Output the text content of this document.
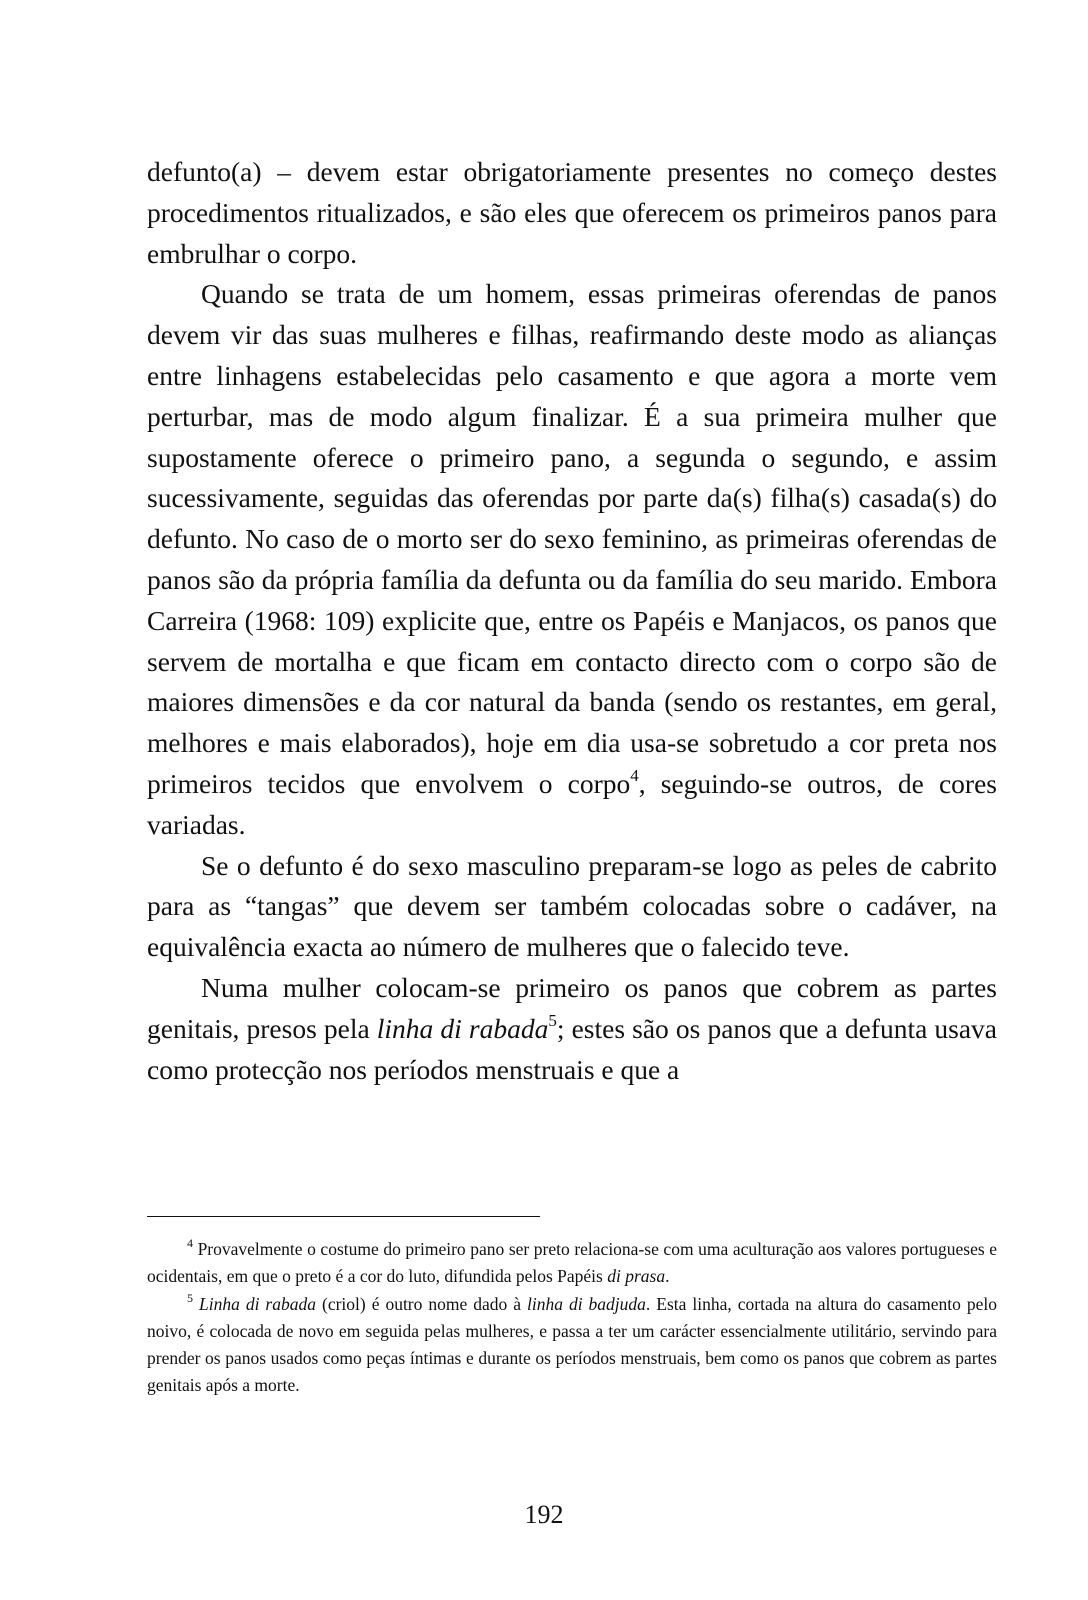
defunto(a) – devem estar obrigatoriamente presentes no começo destes procedimentos ritualizados, e são eles que oferecem os primeiros panos para embrulhar o corpo.

Quando se trata de um homem, essas primeiras oferendas de panos devem vir das suas mulheres e filhas, reafirmando deste modo as alianças entre linhagens estabelecidas pelo casamento e que agora a morte vem perturbar, mas de modo algum finalizar. É a sua primeira mulher que supostamente oferece o primeiro pano, a segunda o segundo, e assim sucessivamente, seguidas das oferendas por parte da(s) filha(s) casada(s) do defunto. No caso de o morto ser do sexo feminino, as primeiras oferendas de panos são da própria família da defunta ou da família do seu marido. Embora Carreira (1968: 109) explicite que, entre os Papéis e Manjacos, os panos que servem de mortalha e que ficam em contacto directo com o corpo são de maiores dimensões e da cor natural da banda (sendo os restantes, em geral, melhores e mais elaborados), hoje em dia usa-se sobretudo a cor preta nos primeiros tecidos que envolvem o corpo$^4$, seguindo-se outros, de cores variadas.

Se o defunto é do sexo masculino preparam-se logo as peles de cabrito para as “tangas” que devem ser também colocadas sobre o cadáver, na equivalência exacta ao número de mulheres que o falecido teve.

Numa mulher colocam-se primeiro os panos que cobrem as partes genitais, presos pela linha di rabada$^5$; estes são os panos que a defunta usava como protecção nos períodos menstruais e que a

$^4$ Provavelmente o costume do primeiro pano ser preto relaciona-se com uma aculturação aos valores portugueses e ocidentais, em que o preto é a cor do luto, difundida pelos Papéis di prasa.

$^5$ Linha di rabada (criol) é outro nome dado à linha di badjuda. Esta linha, cortada na altura do casamento pelo noivo, é colocada de novo em seguida pelas mulheres, e passa a ter um carácter essencialmente utilitário, servindo para prender os panos usados como peças íntimas e durante os períodos menstruais, bem como os panos que cobrem as partes genitais após a morte.

192
